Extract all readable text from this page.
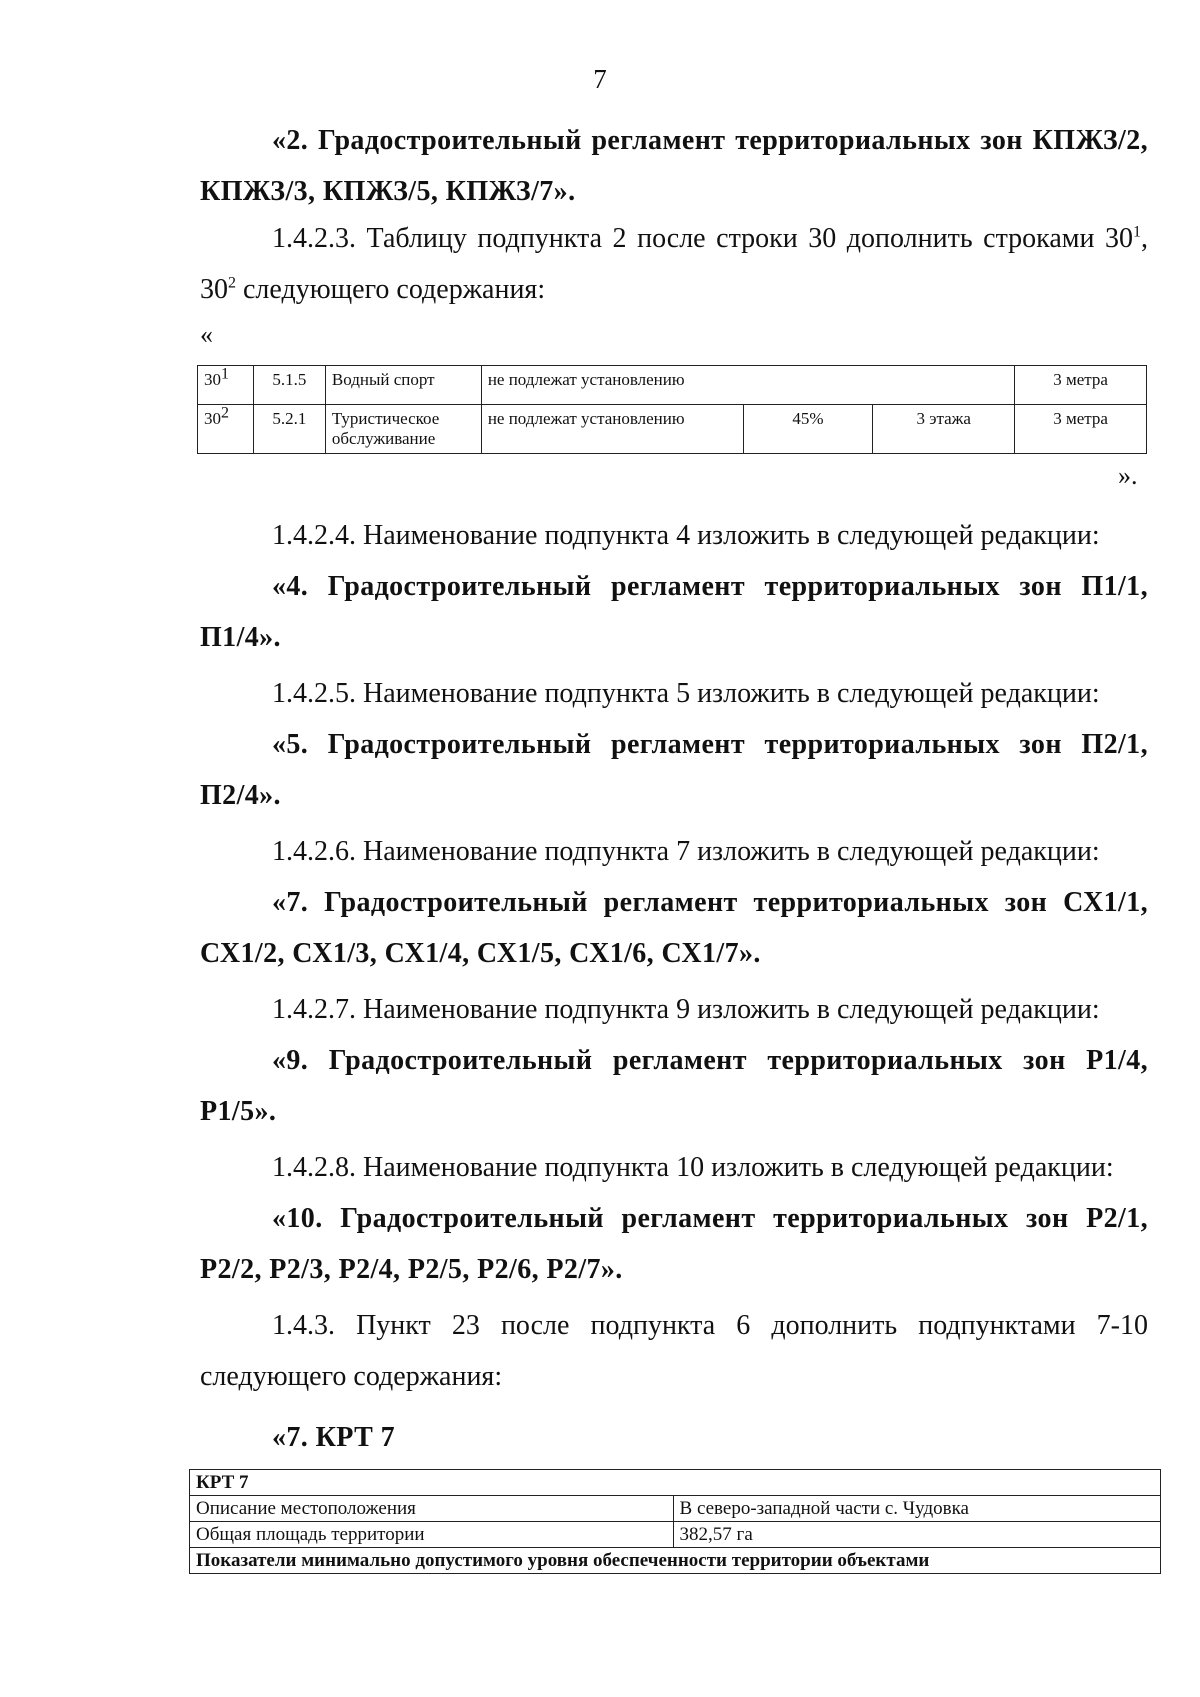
7

«2. Градостроительный регламент территориальных зон КПЖЗ/2,

КПЖЗ/3, КПЖЗ/5, КПЖЗ/7».

1.4.2.3. Таблицу подпункта 2 после строки 30 дополнить строками $30^1$,

$30^2$ следующего содержания:

«
$30^1$	5.1.5	Водный спорт	не подлежат установлению			3 метра
$30^2$	5.2.1	Туристическое обслуживание	не подлежат установлению	45%	3 этажа	3 метра
».

1.4.2.4. Наименование подпункта 4 изложить в следующей редакции:

«4. Градостроительный регламент территориальных зон П1/1,

П1/4».

1.4.2.5. Наименование подпункта 5 изложить в следующей редакции:

«5. Градостроительный регламент территориальных зон П2/1,

П2/4».

1.4.2.6. Наименование подпункта 7 изложить в следующей редакции:

«7. Градостроительный регламент территориальных зон СХ1/1,

СХ1/2, СХ1/3, СХ1/4, СХ1/5, СХ1/6, СХ1/7».

1.4.2.7. Наименование подпункта 9 изложить в следующей редакции:

«9. Градостроительный регламент территориальных зон Р1/4,

Р1/5».

1.4.2.8. Наименование подпункта 10 изложить в следующей редакции:

«10. Градостроительный регламент территориальных зон Р2/1,

Р2/2, Р2/3, Р2/4, Р2/5, Р2/6, Р2/7».

1.4.3. Пункт 23 после подпункта 6 дополнить подпунктами 7-10

следующего содержания:

«7. КРТ 7

КРТ 7	
Описание местоположения	В северо-западной части с. Чудовка
Общая площадь территории	382,57 га
Показатели минимально допустимого уровня обеспеченности территории объектами	
